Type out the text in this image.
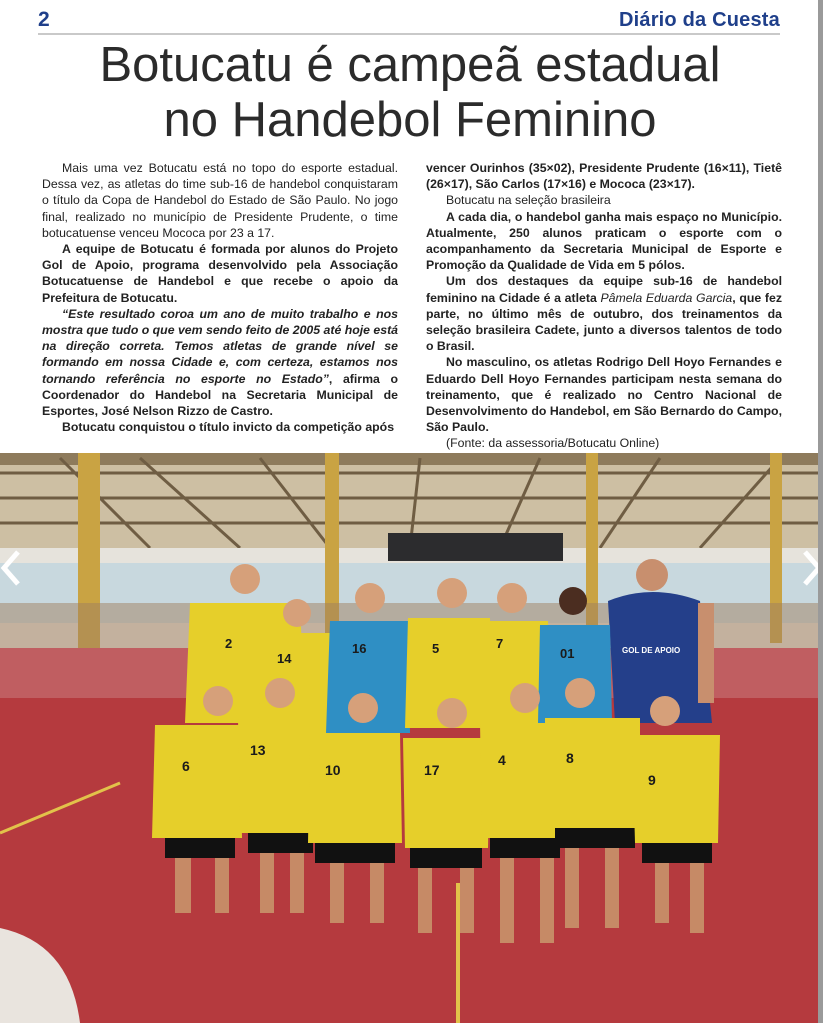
2	Diário da Cuesta
Botucatu é campeã estadual
no Handebol Feminino

Mais uma vez Botucatu está no topo do esporte estadual. Dessa vez, as atletas do time sub-16 de handebol conquistaram o título da Copa de Handebol do Estado de São Paulo. No jogo final, realizado no município de Presidente Prudente, o time botucatuense venceu Mococa por 23 a 17.

A equipe de Botucatu é formada por alunos do Projeto Gol de Apoio, programa desenvolvido pela Associação Botucatuense de Handebol e que recebe o apoio da Prefeitura de Botucatu.

“Este resultado coroa um ano de muito trabalho e nos mostra que tudo o que vem sendo feito de 2005 até hoje está na direção correta. Temos atletas de grande nível se formando em nossa Cidade e, com certeza, estamos nos tornando referência no esporte no Estado”, afirma o Coordenador do Handebol na Secretaria Municipal de Esportes, José Nelson Rizzo de Castro.

Botucatu conquistou o título invicto da competição após

vencer Ourinhos (35×02), Presidente Prudente (16×11), Tietê (26×17), São Carlos (17×16) e Mococa (23×17).

Botucatu na seleção brasileira

A cada dia, o handebol ganha mais espaço no Município. Atualmente, 250 alunos praticam o esporte com o acompanhamento da Secretaria Municipal de Esporte e Promoção da Qualidade de Vida em 5 pólos.

Um dos destaques da equipe sub-16 de handebol feminino na Cidade é a atleta Pâmela Eduarda Garcia, que fez parte, no último mês de outubro, dos treinamentos da seleção brasileira Cadete, junto a diversos talentos de todo o Brasil.

No masculino, os atletas Rodrigo Dell Hoyo Fernandes e Eduardo Dell Hoyo Fernandes participam nesta semana do treinamento, que é realizado no Centro Nacional de Desenvolvimento do Handebol, em São Bernardo do Campo, São Paulo.

(Fonte: da assessoria/Botucatu Online)

2
14
16	5	7
01
6
13
10	17
4	8
9
GOL DE APOIO
